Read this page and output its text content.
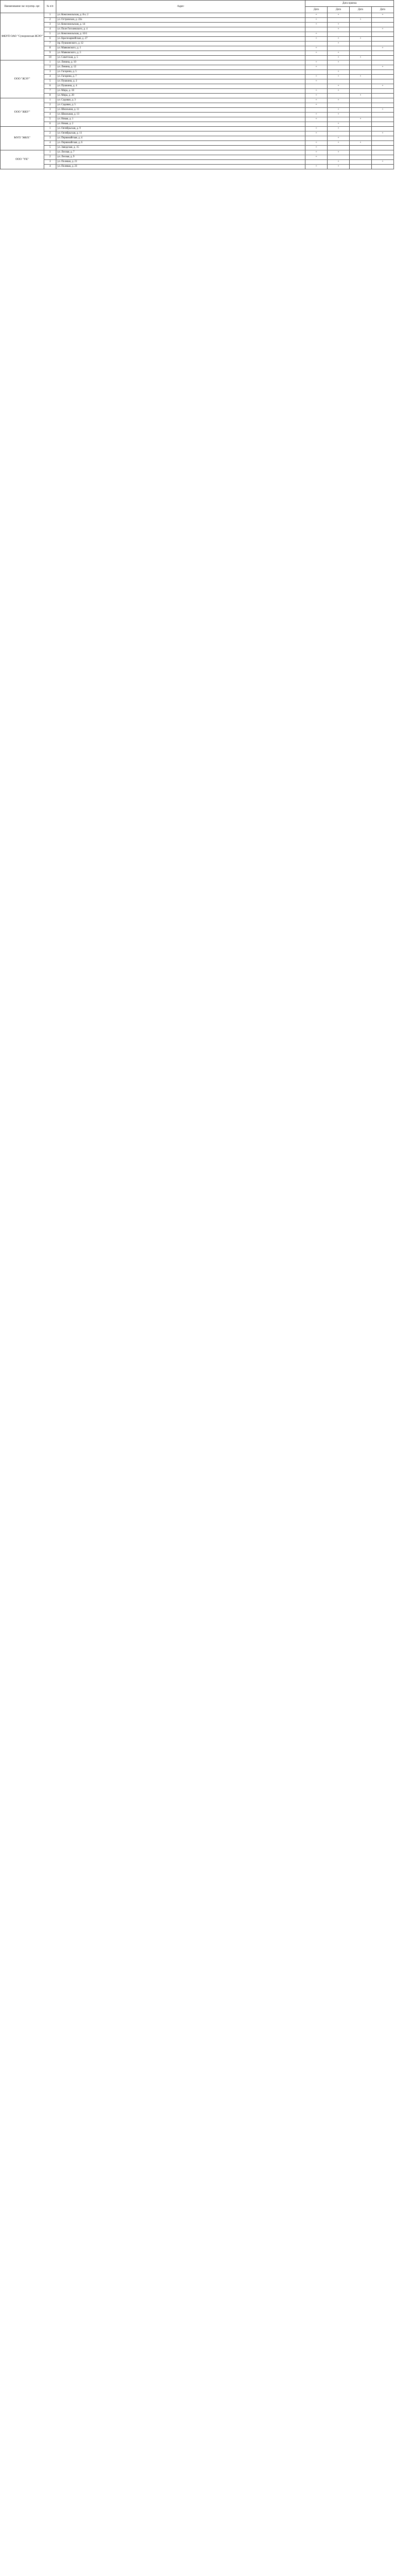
Наименование экс плуатир. орг.	№ п/п	Адрес	Дата приема			
			Дата	Дата	Дата	Дата
ФКУП ОАО "Суворовская ЖЭО"	1	ул. Комсомольская, д. 8 к. 2	+	+		+
	2	ул. Островская, д. 22а	+		+	
	3	ул. Комсомольская, д. 14	+	+		
	4	ул. Поле Гоголевского, д. 4		+		+
	5	ул. Комсомольская, д. 16/1	+			
	6	ул. Красноармейская, д. 27	+	+	+	
	7	пр. Пушкинского, д. 12		+		
	8	ул. Маяковского, д. 1	+			+
	9	ул. Маяковского, д. 3	+	+		
	10	ул. Советская, д. 5		+	+	
ООО "ЖЭУ"	1	ул. Ленина, д. 10	+	+		
	2	ул. Ленина, д. 12	+			+
	3	ул. Гагарина, д. 5		+		
	4	ул. Гагарина, д. 7	+	+	+	
	5	ул. Пушкина, д. 2	+			
	6	ул. Пушкина, д. 4		+		+
	7	ул. Мира, д. 18	+	+		
	8	ул. Мира, д. 20	+		+	
ООО "ЖКУ"	1	ул. Садовая, д. 3	+	+		
	2	ул. Садовая, д. 5	+			
	3	ул. Школьная, д. 11		+		+
	4	ул. Школьная, д. 13	+	+		
	5	ул. Новая, д. 1	+		+	
	6	ул. Новая, д. 2		+		
МУП "ЖКХ"	1	ул. Октябрьская, д. 9	+	+		
	2	ул. Октябрьская, д. 11	+			+
	3	ул. Первомайская, д. 4		+		
	4	ул. Первомайская, д. 6	+	+	+	
	5	ул. Заводская, д. 15	+			
ООО "УК"	1	ул. Лесная, д. 7	+	+		
	2	ул. Лесная, д. 9	+			
	3	ул. Полевая, д. 21		+		+
	4	ул. Полевая, д. 23	+	+		
